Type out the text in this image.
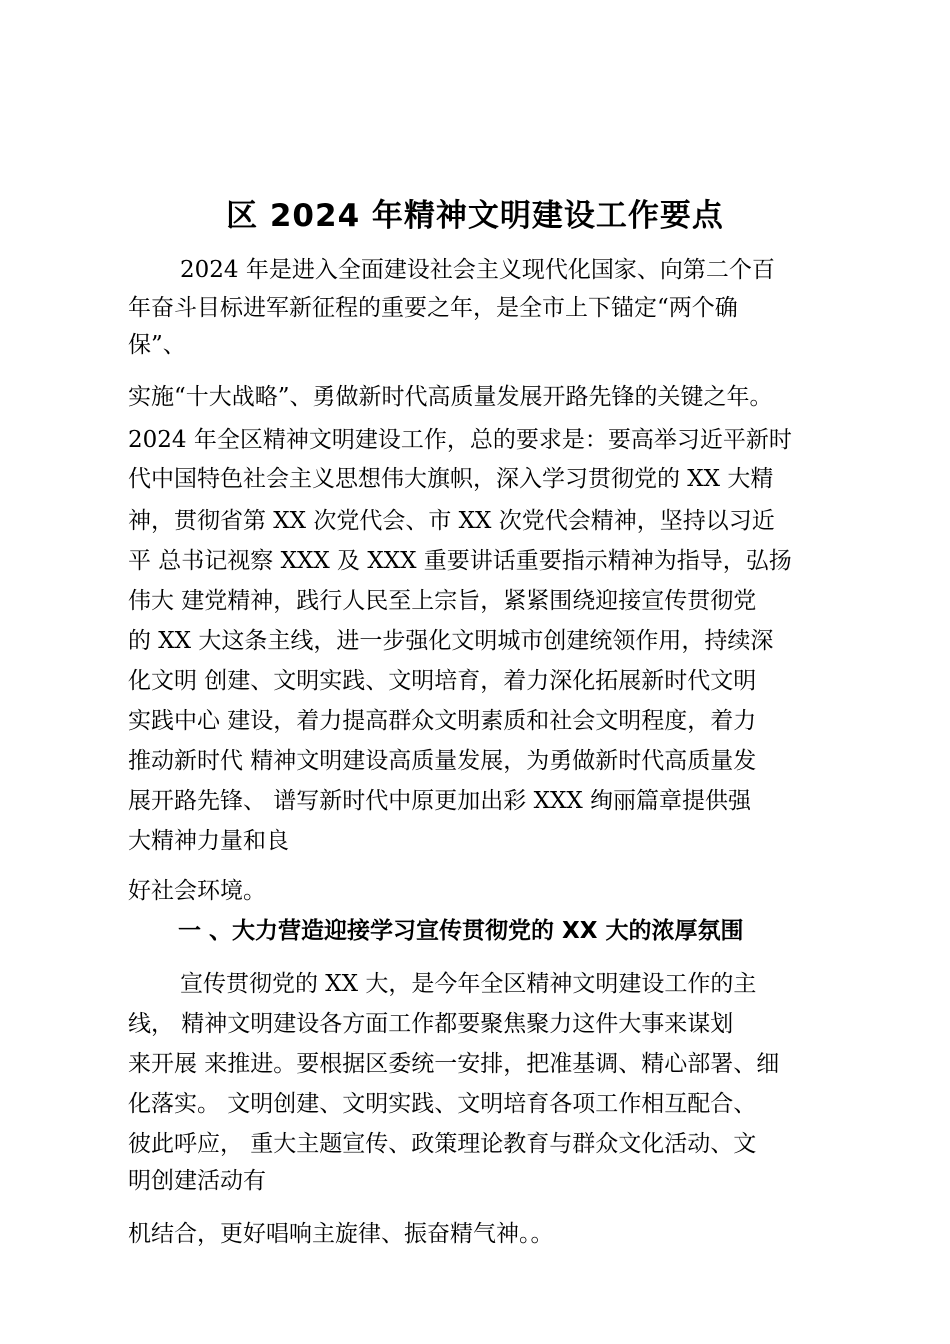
区 2024 年精神文明建设工作要点
2024 年是进入全面建设社会主义现代化国家、向第二个百
年奋斗目标进军新征程的重要之年，是全市上下锚定“两个确
保”、
实施“十大战略”、勇做新时代高质量发展开路先锋的关键之年。
2024 年全区精神文明建设工作，总的要求是：要高举习近平新时
代中国特色社会主义思想伟大旗帜，深入学习贯彻党的 XX 大精
神，贯彻省第 XX 次党代会、市 XX 次党代会精神，坚持以习近
平 总书记视察 XXX 及 XXX 重要讲话重要指示精神为指导，弘扬
伟大 建党精神，践行人民至上宗旨，紧紧围绕迎接宣传贯彻党
的 XX 大这条主线，进一步强化文明城市创建统领作用，持续深
化文明 创建、文明实践、文明培育，着力深化拓展新时代文明
实践中心 建设，着力提高群众文明素质和社会文明程度，着力
推动新时代 精神文明建设高质量发展，为勇做新时代高质量发
展开路先锋、 谱写新时代中原更加出彩 XXX 绚丽篇章提供强
大精神力量和良
好社会环境。
一 、大力营造迎接学习宣传贯彻党的 XX 大的浓厚氛围
宣传贯彻党的 XX 大，是今年全区精神文明建设工作的主
线， 精神文明建设各方面工作都要聚焦聚力这件大事来谋划
来开展 来推进。要根据区委统一安排，把准基调、精心部署、细
化落实。 文明创建、文明实践、文明培育各项工作相互配合、
彼此呼应， 重大主题宣传、政策理论教育与群众文化活动、文
明创建活动有
机结合，更好唱响主旋律、振奋精气神。。
